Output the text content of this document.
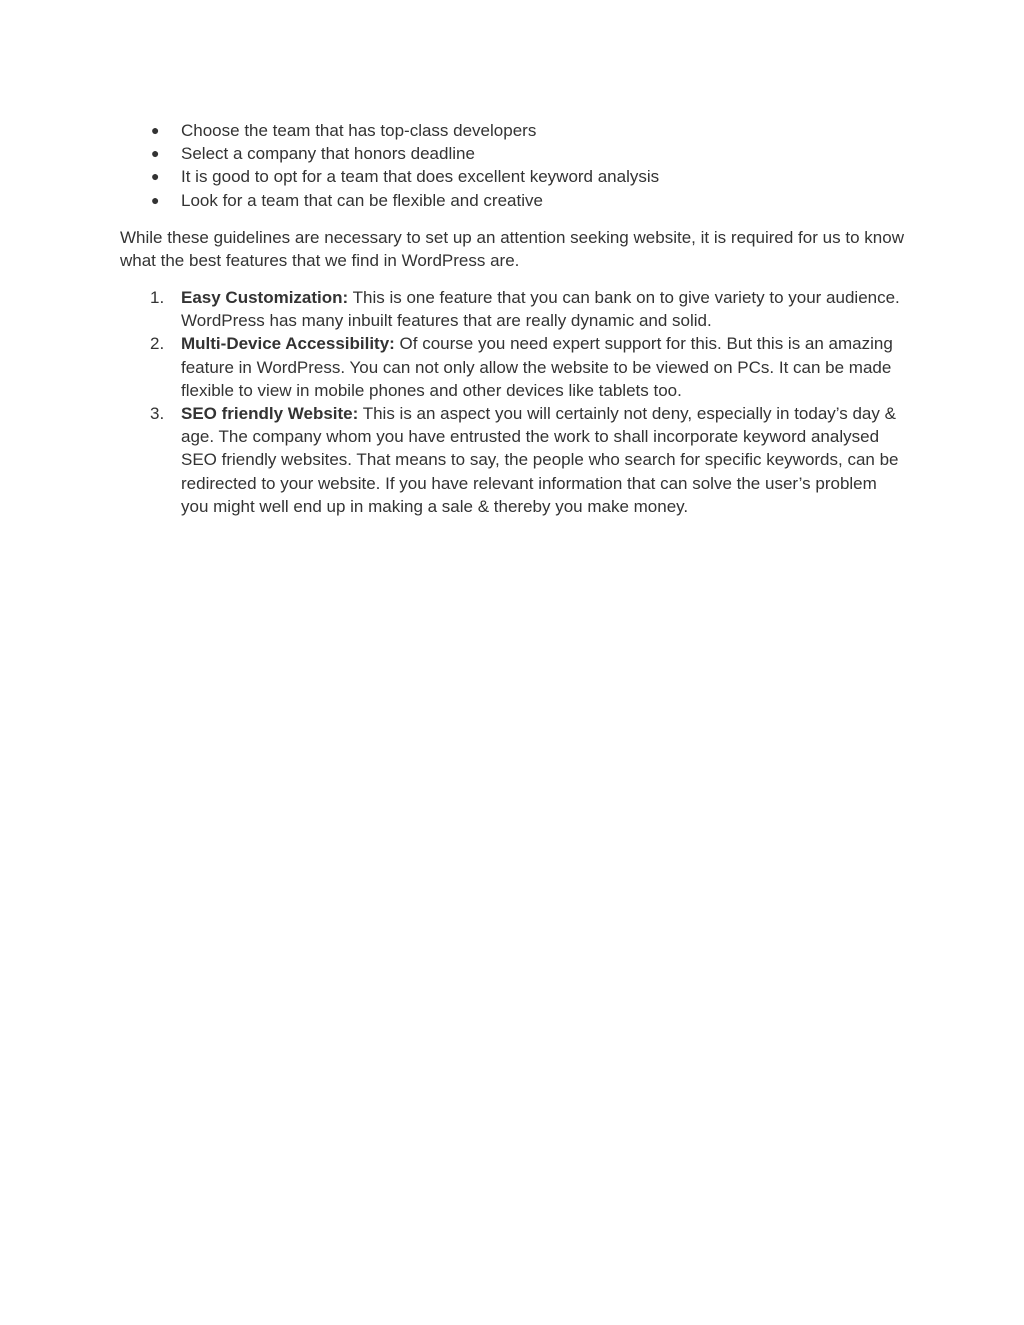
● Choose the team that has top-class developers
● Select a company that honors deadline
● It is good to opt for a team that does excellent keyword analysis
● Look for a team that can be flexible and creative

While these guidelines are necessary to set up an attention seeking website, it is required for us to know what the best features that we find in WordPress are.

1. Easy Customization: This is one feature that you can bank on to give variety to your audience. WordPress has many inbuilt features that are really dynamic and solid.
2. Multi-Device Accessibility: Of course you need expert support for this. But this is an amazing feature in WordPress. You can not only allow the website to be viewed on PCs. It can be made flexible to view in mobile phones and other devices like tablets too.
3. SEO friendly Website: This is an aspect you will certainly not deny, especially in today’s day & age. The company whom you have entrusted the work to shall incorporate keyword analysed SEO friendly websites. That means to say, the people who search for specific keywords, can be redirected to your website. If you have relevant information that can solve the user’s problem you might well end up in making a sale & thereby you make money.
